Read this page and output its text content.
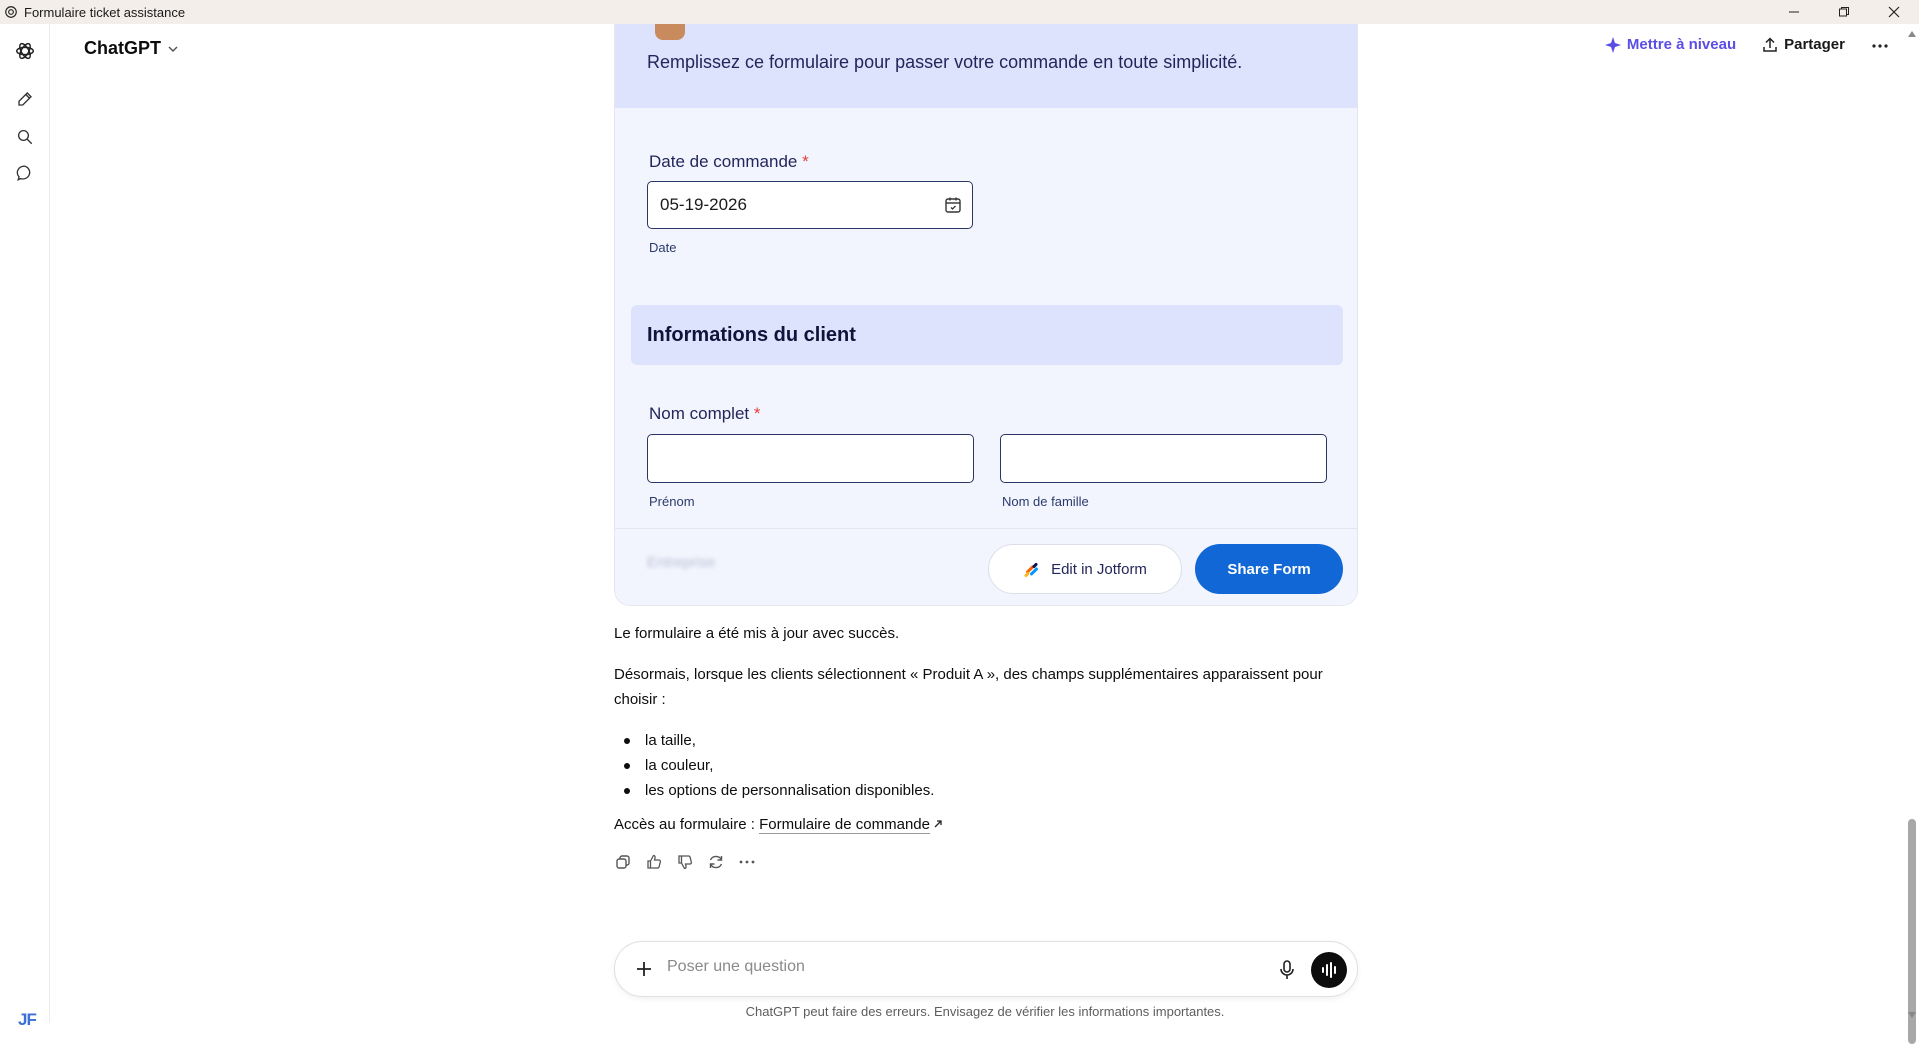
Formulaire ticket assistance
JF
ChatGPT	Mettre à niveau	Partager
Remplissez ce formulaire pour passer votre commande en toute simplicité.
Date de commande *
05-19-2026
Date
Informations du client
Nom complet *
Prénom	Nom de famille
Entreprise	Edit in Jotform	Share Form
Le formulaire a été mis à jour avec succès.
Désormais, lorsque les clients sélectionnent « Produit A », des champs supplémentaires apparaissent pour
choisir :
la taille,
la couleur,
les options de personnalisation disponibles.
Accès au formulaire : Formulaire de commande
Poser une question
ChatGPT peut faire des erreurs. Envisagez de vérifier les informations importantes.
